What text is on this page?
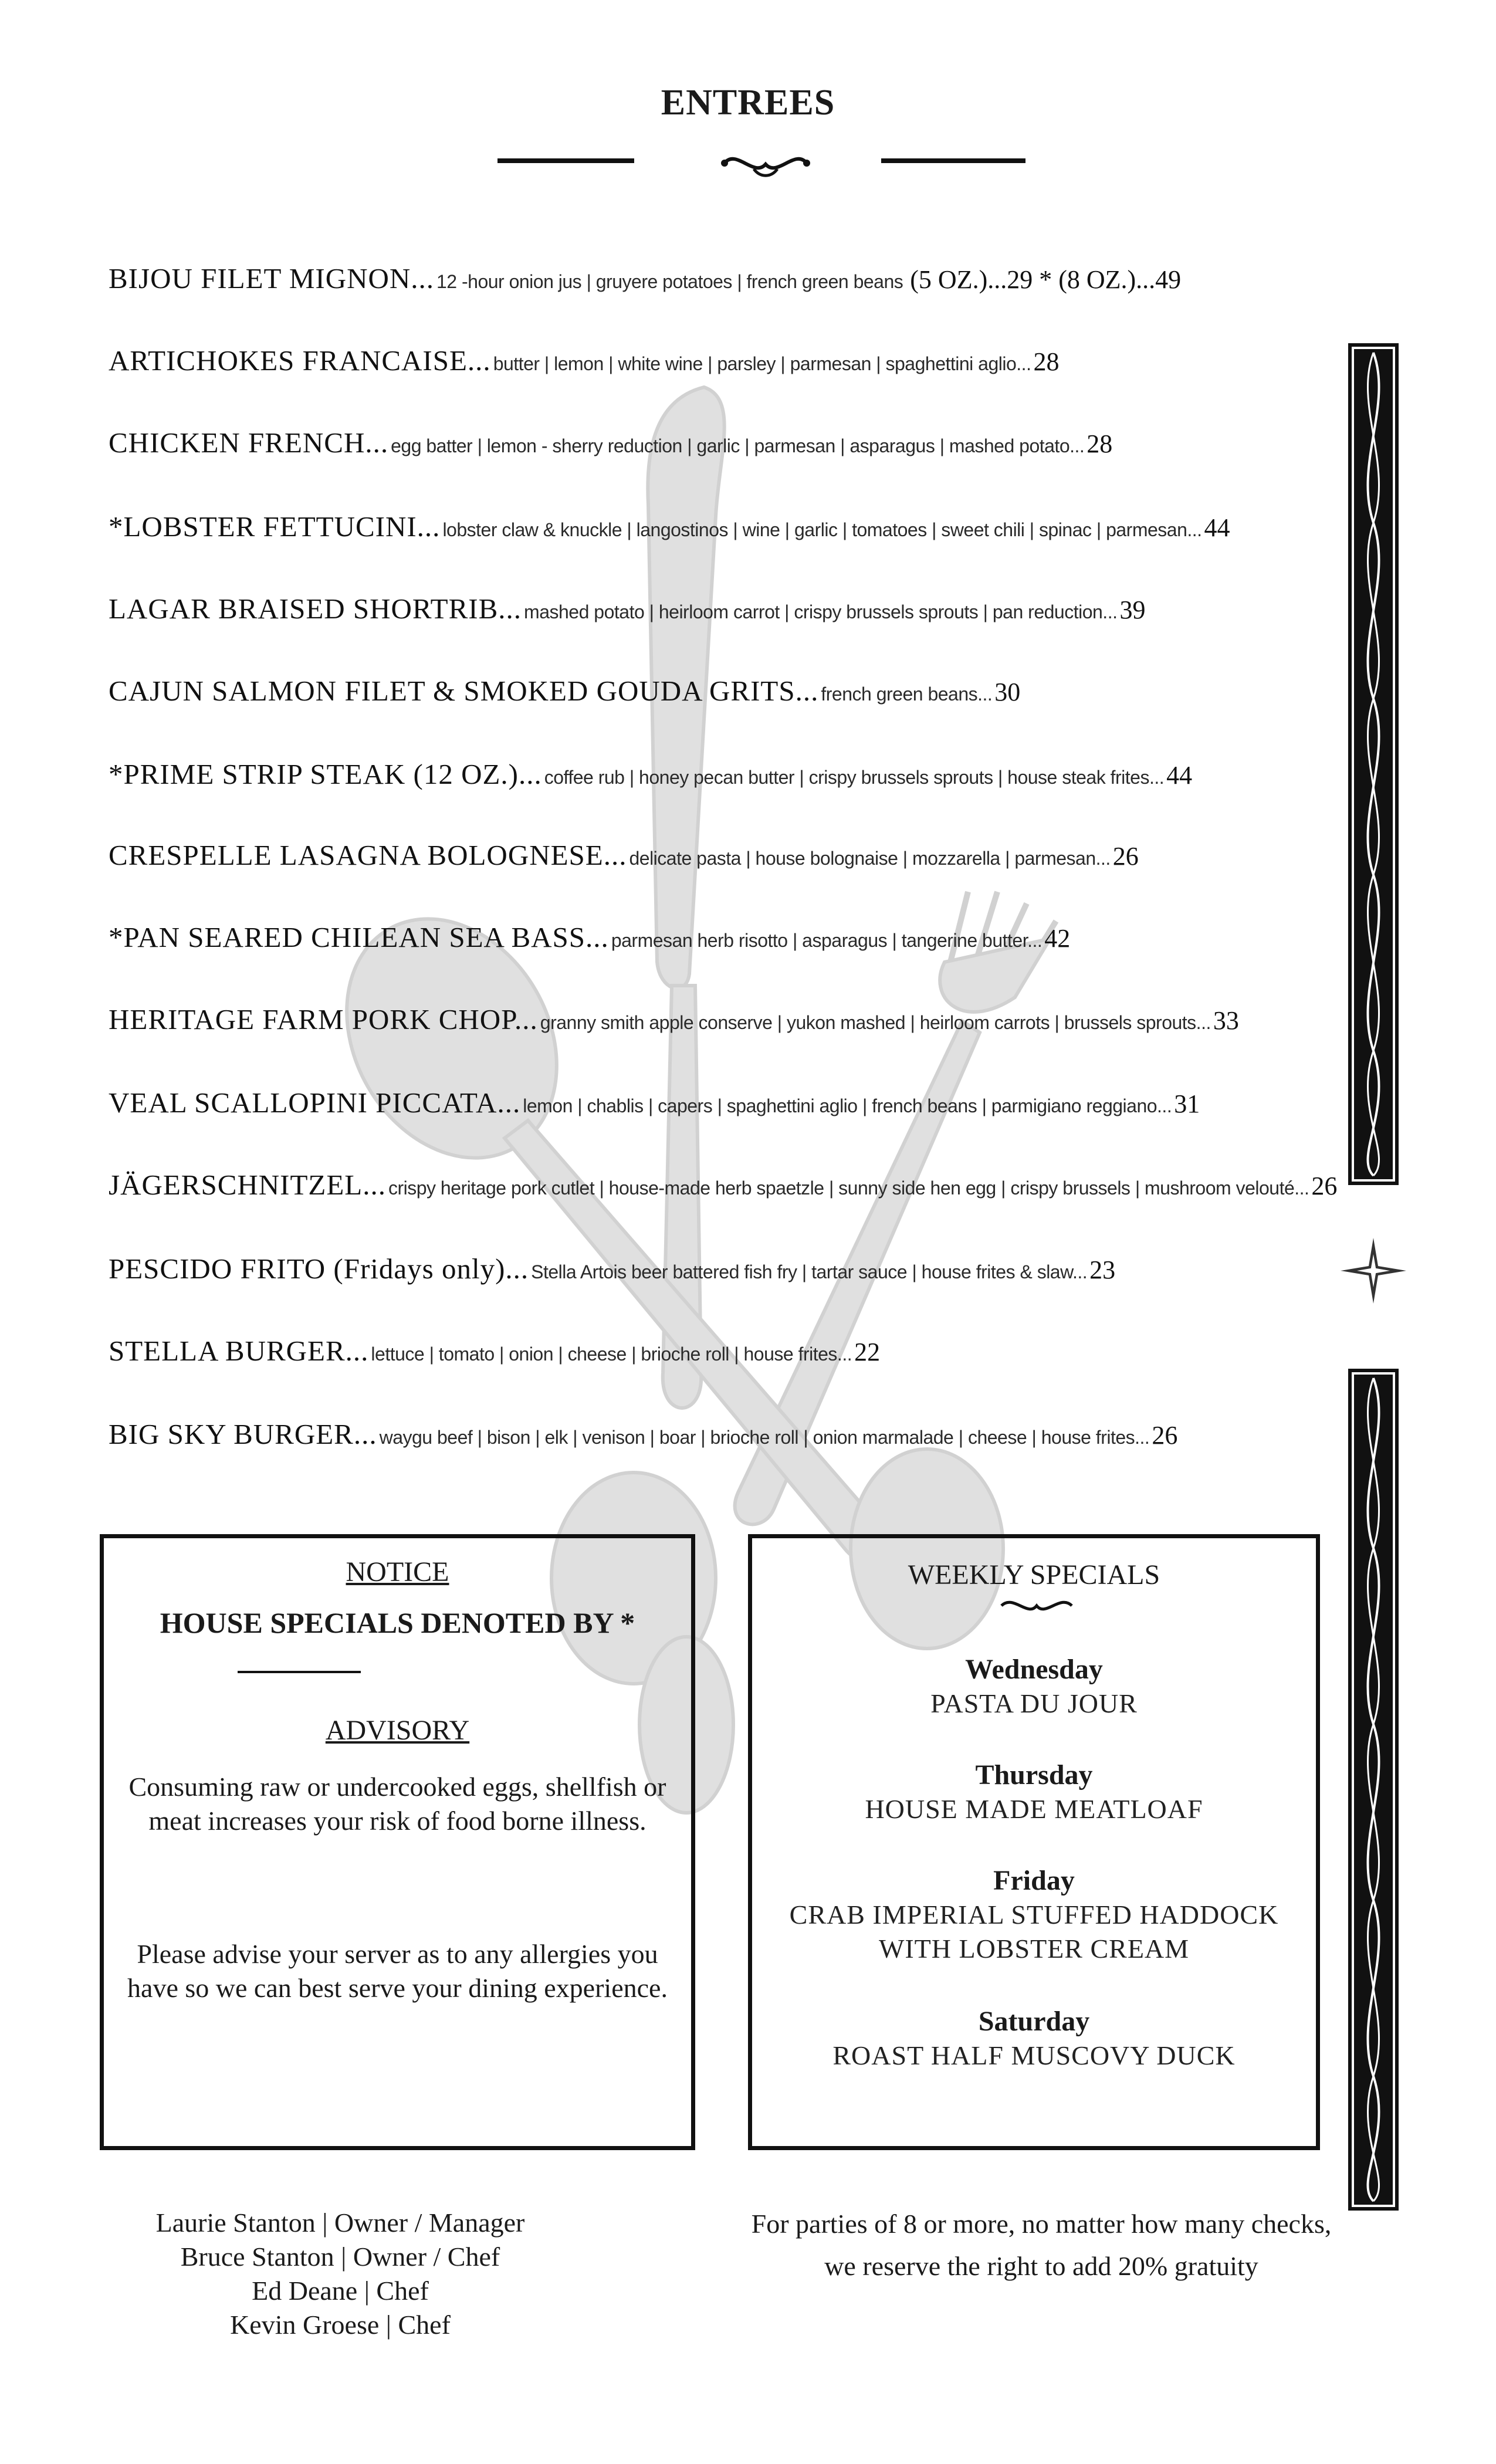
ENTREES
BIJOU FILET MIGNON... 12 -hour onion jus | gruyere potatoes | french green beans (5 OZ.)...29 * (8 OZ.)...49
ARTICHOKES FRANCAISE... butter | lemon | white wine | parsley | parmesan | spaghettini aglio... 28
CHICKEN FRENCH... egg batter | lemon - sherry reduction | garlic | parmesan | asparagus | mashed potato... 28
*LOBSTER FETTUCINI... lobster claw & knuckle | langostinos | wine | garlic | tomatoes | sweet chili | spinac | parmesan... 44
LAGAR BRAISED SHORTRIB... mashed potato | heirloom carrot | crispy brussels sprouts | pan reduction... 39
CAJUN SALMON FILET & SMOKED GOUDA GRITS... french green beans... 30
*PRIME STRIP STEAK (12 OZ.)... coffee rub | honey pecan butter | crispy brussels sprouts | house steak frites... 44
CRESPELLE LASAGNA BOLOGNESE... delicate pasta | house bolognaise | mozzarella | parmesan... 26
*PAN SEARED CHILEAN SEA BASS... parmesan herb risotto | asparagus | tangerine butter... 42
HERITAGE FARM PORK CHOP... granny smith apple conserve | yukon mashed | heirloom carrots | brussels sprouts... 33
VEAL SCALLOPINI PICCATA... lemon | chablis | capers | spaghettini aglio | french beans | parmigiano reggiano... 31
JÄGERSCHNITZEL... crispy heritage pork cutlet | house-made herb spaetzle | sunny side hen egg | crispy brussels | mushroom velouté... 26
PESCIDO FRITO (Fridays only)... Stella Artois beer battered fish fry | tartar sauce | house frites & slaw... 23
STELLA BURGER... lettuce | tomato | onion | cheese | brioche roll | house frites... 22
BIG SKY BURGER... waygu beef | bison | elk | venison | boar | brioche roll | onion marmalade | cheese | house frites... 26
NOTICE
HOUSE SPECIALS DENOTED BY *
ADVISORY
Consuming raw or undercooked eggs, shellfish or meat increases your risk of food borne illness.
Please advise your server as to any allergies you have so we can best serve your dining experience.
WEEKLY SPECIALS
Wednesday
PASTA DU JOUR
Thursday
HOUSE MADE MEATLOAF
Friday
CRAB IMPERIAL STUFFED HADDOCK WITH LOBSTER CREAM
Saturday
ROAST HALF MUSCOVY DUCK
Laurie Stanton | Owner / Manager
Bruce Stanton | Owner / Chef
Ed Deane | Chef
Kevin Groese | Chef
For parties of 8 or more, no matter how many checks, we reserve the right to add 20% gratuity
